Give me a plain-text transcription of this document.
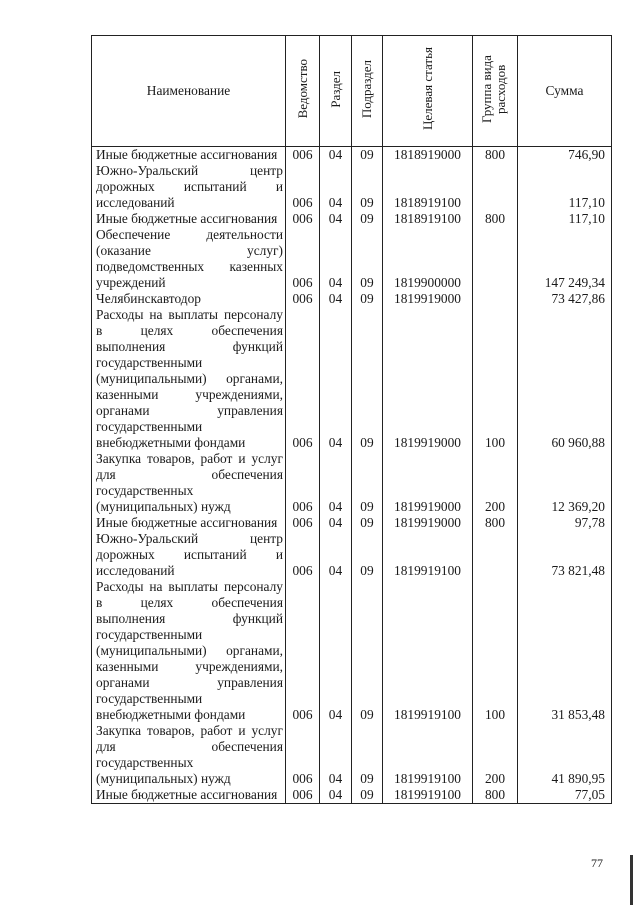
Наименование	Ведомство	Раздел	Подраздел	Целевая статья	Группа вида расходов	Сумма
Иные бюджетные ассигнования	006	04	09	1818919000	800	746,90
Южно-Уральский центр дорожных испытаний и исследований	006	04	09	1818919100		117,10
Иные бюджетные ассигнования	006	04	09	1818919100	800	117,10
Обеспечение деятельности (оказание услуг) подведомственных казенных учреждений	006	04	09	1819900000		147 249,34
Челябинскавтодор	006	04	09	1819919000		73 427,86
Расходы на выплаты персоналу в целях обеспечения выполнения функций государственными (муниципальными) органами, казенными учреждениями, органами управления государственными внебюджетными фондами	006	04	09	1819919000	100	60 960,88
Закупка товаров, работ и услуг для обеспечения государственных (муниципальных) нужд	006	04	09	1819919000	200	12 369,20
Иные бюджетные ассигнования	006	04	09	1819919000	800	97,78
Южно-Уральский центр дорожных испытаний и исследований	006	04	09	1819919100		73 821,48
Расходы на выплаты персоналу в целях обеспечения выполнения функций государственными (муниципальными) органами, казенными учреждениями, органами управления государственными внебюджетными фондами	006	04	09	1819919100	100	31 853,48
Закупка товаров, работ и услуг для обеспечения государственных (муниципальных) нужд	006	04	09	1819919100	200	41 890,95
Иные бюджетные ассигнования	006	04	09	1819919100	800	77,05
77
